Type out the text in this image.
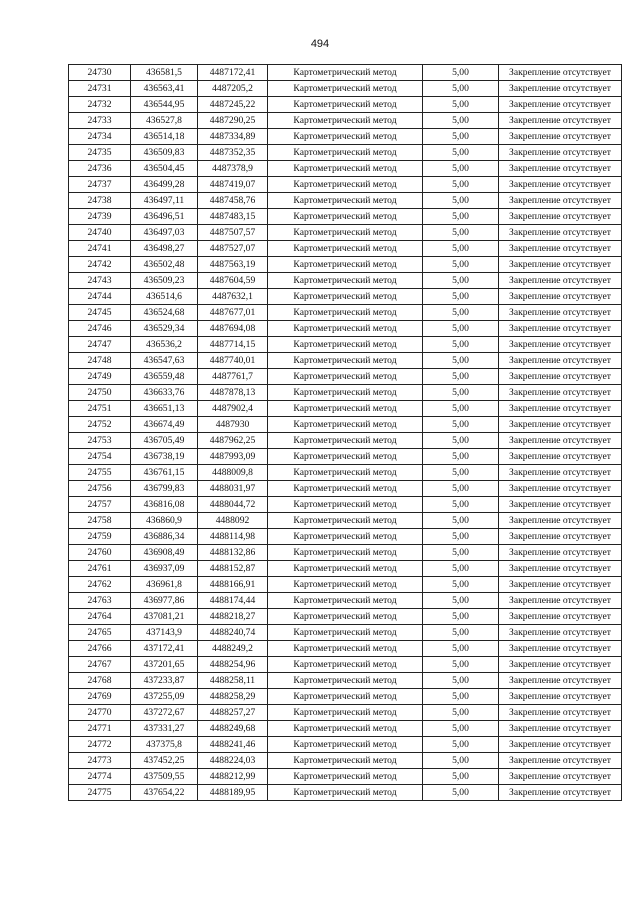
494
24730	436581,5	4487172,41	Картометрический метод	5,00	Закрепление отсутствует
24731	436563,41	4487205,2	Картометрический метод	5,00	Закрепление отсутствует
24732	436544,95	4487245,22	Картометрический метод	5,00	Закрепление отсутствует
24733	436527,8	4487290,25	Картометрический метод	5,00	Закрепление отсутствует
24734	436514,18	4487334,89	Картометрический метод	5,00	Закрепление отсутствует
24735	436509,83	4487352,35	Картометрический метод	5,00	Закрепление отсутствует
24736	436504,45	4487378,9	Картометрический метод	5,00	Закрепление отсутствует
24737	436499,28	4487419,07	Картометрический метод	5,00	Закрепление отсутствует
24738	436497,11	4487458,76	Картометрический метод	5,00	Закрепление отсутствует
24739	436496,51	4487483,15	Картометрический метод	5,00	Закрепление отсутствует
24740	436497,03	4487507,57	Картометрический метод	5,00	Закрепление отсутствует
24741	436498,27	4487527,07	Картометрический метод	5,00	Закрепление отсутствует
24742	436502,48	4487563,19	Картометрический метод	5,00	Закрепление отсутствует
24743	436509,23	4487604,59	Картометрический метод	5,00	Закрепление отсутствует
24744	436514,6	4487632,1	Картометрический метод	5,00	Закрепление отсутствует
24745	436524,68	4487677,01	Картометрический метод	5,00	Закрепление отсутствует
24746	436529,34	4487694,08	Картометрический метод	5,00	Закрепление отсутствует
24747	436536,2	4487714,15	Картометрический метод	5,00	Закрепление отсутствует
24748	436547,63	4487740,01	Картометрический метод	5,00	Закрепление отсутствует
24749	436559,48	4487761,7	Картометрический метод	5,00	Закрепление отсутствует
24750	436633,76	4487878,13	Картометрический метод	5,00	Закрепление отсутствует
24751	436651,13	4487902,4	Картометрический метод	5,00	Закрепление отсутствует
24752	436674,49	4487930	Картометрический метод	5,00	Закрепление отсутствует
24753	436705,49	4487962,25	Картометрический метод	5,00	Закрепление отсутствует
24754	436738,19	4487993,09	Картометрический метод	5,00	Закрепление отсутствует
24755	436761,15	4488009,8	Картометрический метод	5,00	Закрепление отсутствует
24756	436799,83	4488031,97	Картометрический метод	5,00	Закрепление отсутствует
24757	436816,08	4488044,72	Картометрический метод	5,00	Закрепление отсутствует
24758	436860,9	4488092	Картометрический метод	5,00	Закрепление отсутствует
24759	436886,34	4488114,98	Картометрический метод	5,00	Закрепление отсутствует
24760	436908,49	4488132,86	Картометрический метод	5,00	Закрепление отсутствует
24761	436937,09	4488152,87	Картометрический метод	5,00	Закрепление отсутствует
24762	436961,8	4488166,91	Картометрический метод	5,00	Закрепление отсутствует
24763	436977,86	4488174,44	Картометрический метод	5,00	Закрепление отсутствует
24764	437081,21	4488218,27	Картометрический метод	5,00	Закрепление отсутствует
24765	437143,9	4488240,74	Картометрический метод	5,00	Закрепление отсутствует
24766	437172,41	4488249,2	Картометрический метод	5,00	Закрепление отсутствует
24767	437201,65	4488254,96	Картометрический метод	5,00	Закрепление отсутствует
24768	437233,87	4488258,11	Картометрический метод	5,00	Закрепление отсутствует
24769	437255,09	4488258,29	Картометрический метод	5,00	Закрепление отсутствует
24770	437272,67	4488257,27	Картометрический метод	5,00	Закрепление отсутствует
24771	437331,27	4488249,68	Картометрический метод	5,00	Закрепление отсутствует
24772	437375,8	4488241,46	Картометрический метод	5,00	Закрепление отсутствует
24773	437452,25	4488224,03	Картометрический метод	5,00	Закрепление отсутствует
24774	437509,55	4488212,99	Картометрический метод	5,00	Закрепление отсутствует
24775	437654,22	4488189,95	Картометрический метод	5,00	Закрепление отсутствует
